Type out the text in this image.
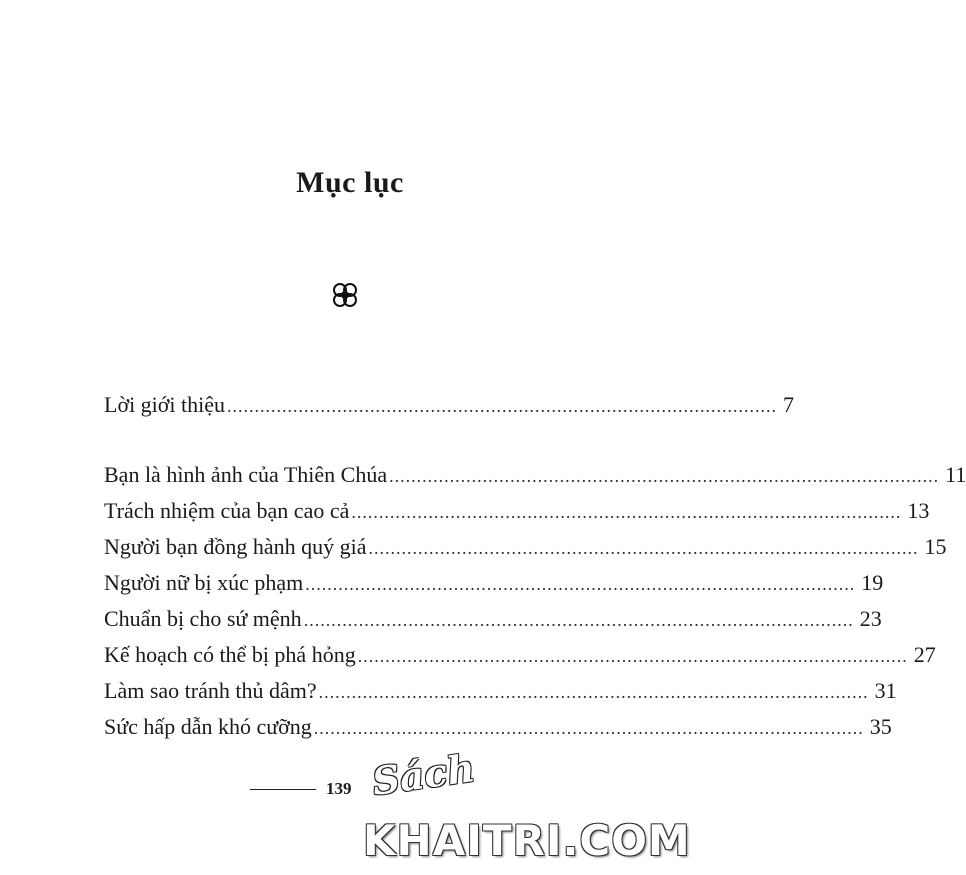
Mục lục
Lời giới thiệu .................................................................................................... 7
Bạn là hình ảnh của Thiên Chúa .................................................................................................... 11
Trách nhiệm của bạn cao cả .................................................................................................... 13
Người bạn đồng hành quý giá .................................................................................................... 15
Người nữ bị xúc phạm .................................................................................................... 19
Chuẩn bị cho sứ mệnh .................................................................................................... 23
Kế hoạch có thể bị phá hỏng .................................................................................................... 27
Làm sao tránh thủ dâm? .................................................................................................... 31
Sức hấp dẫn khó cưỡng .................................................................................................... 35
139 Sách
KHAITRI.COM
